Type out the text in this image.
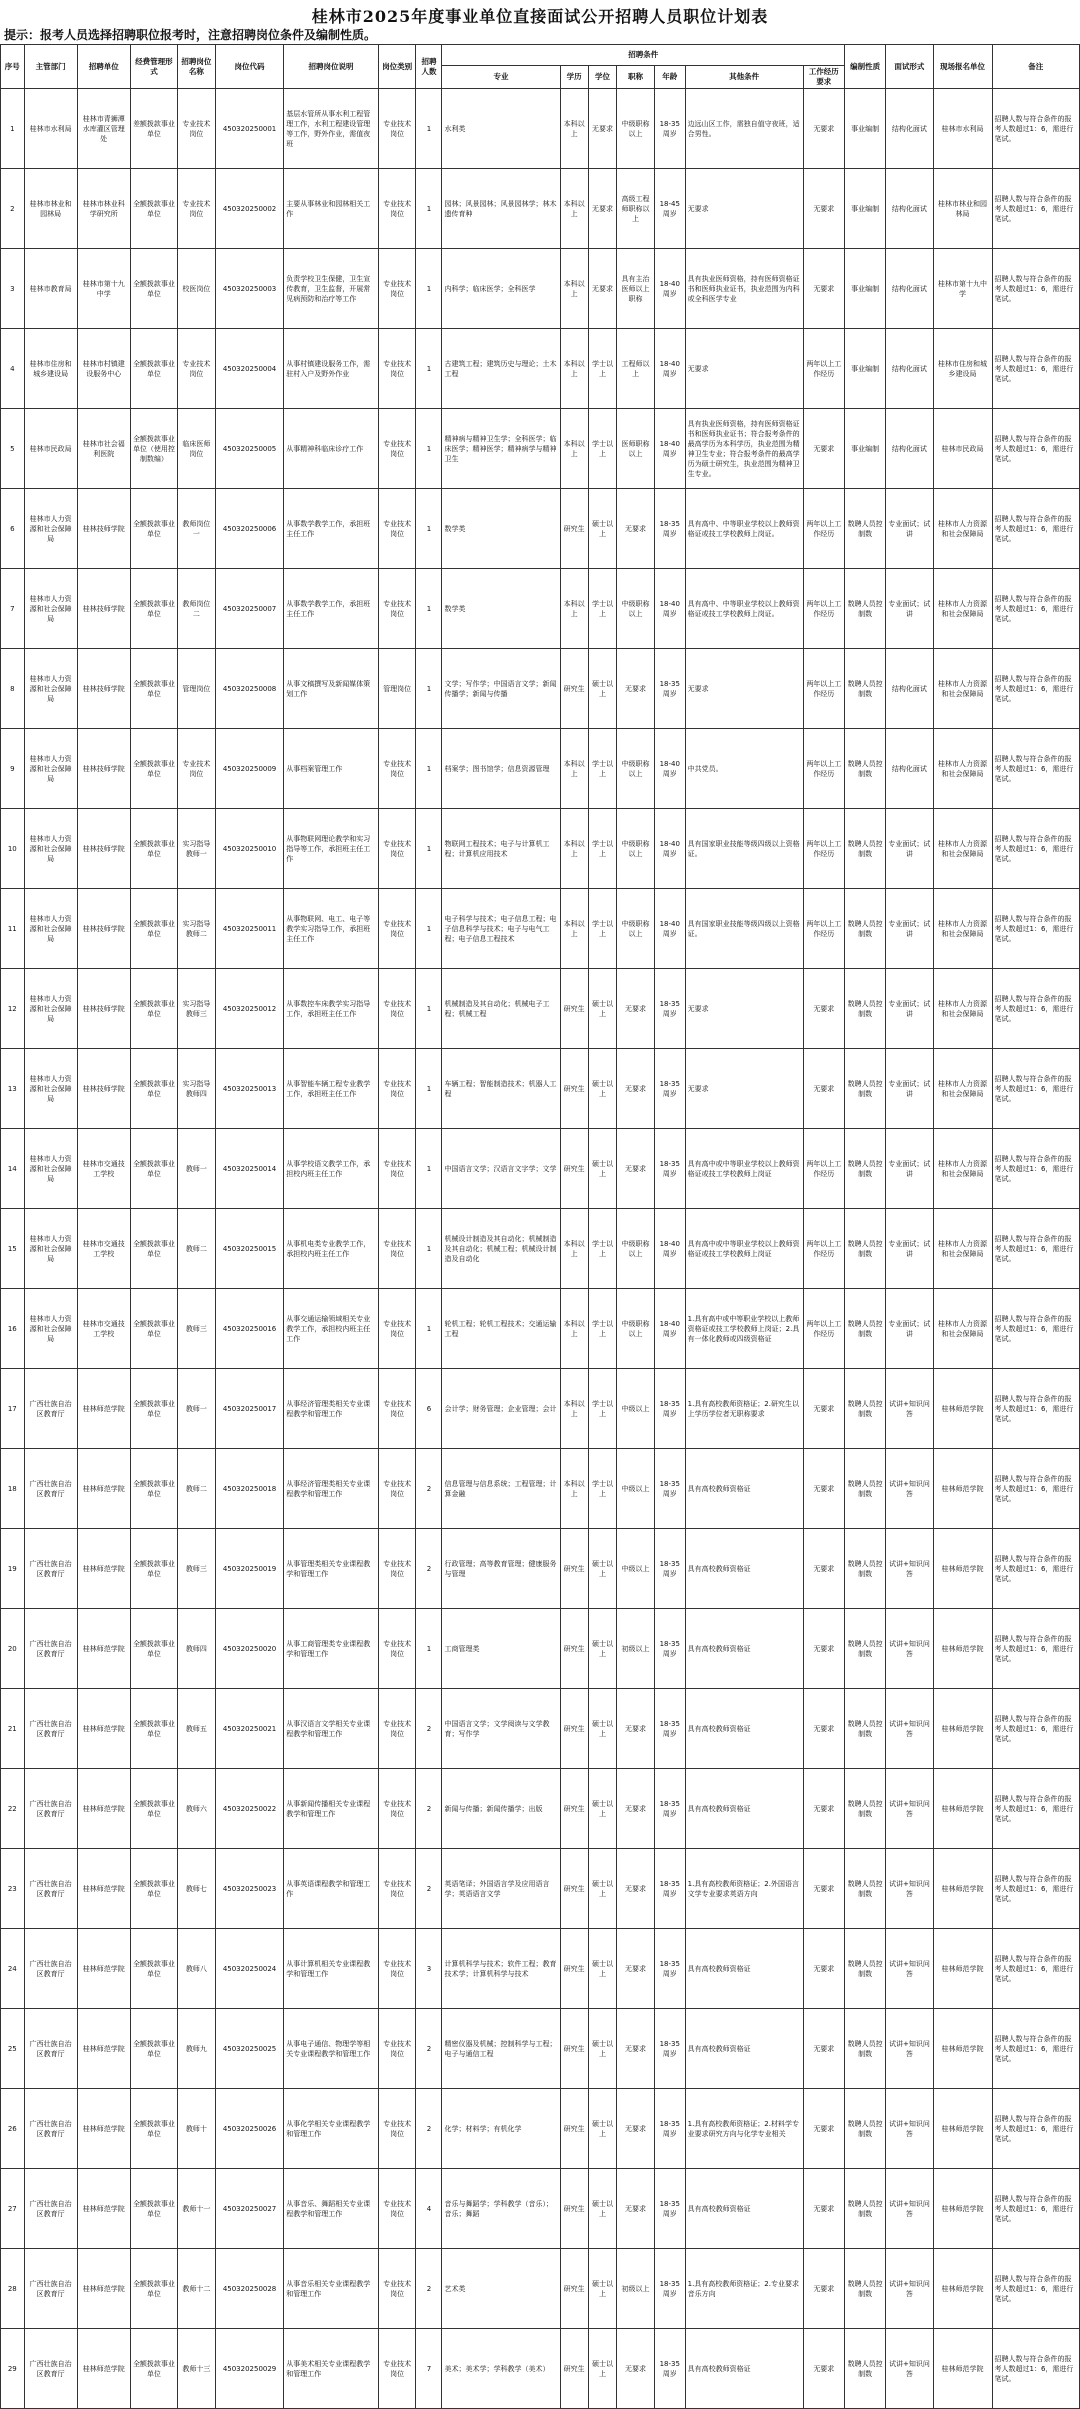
桂林市2025年度事业单位直接面试公开招聘人员职位计划表
提示：报考人员选择招聘职位报考时，注意招聘岗位条件及编制性质。
序号	主管部门	招聘单位	经费管理形式	招聘岗位名称	岗位代码	招聘岗位说明	岗位类别	招聘人数	招聘条件							编制性质	面试形式	现场报名单位	备注
									专业	学历	学位	职称	年龄	其他条件	工作经历要求				
1	桂林市水利局	桂林市青狮潭水库灌区管理处	差额拨款事业单位	专业技术岗位	450320250001	基层水管所从事水利工程管理工作，水利工程建设管理等工作，野外作业，需值夜班	专业技术岗位	1	水利类	本科以上	无要求	中级职称以上	18-35周岁	边远山区工作，需独自值守夜班，适合男性。	无要求	事业编制	结构化面试	桂林市水利局	招聘人数与符合条件的报考人数超过1：6，需进行笔试。
2	桂林市林业和园林局	桂林市林业科学研究所	全额拨款事业单位	专业技术岗位	450320250002	主要从事林业和园林相关工作	专业技术岗位	1	园林；风景园林；风景园林学；林木遗传育种	本科以上	无要求	高级工程师职称以上	18-45周岁	无要求	无要求	事业编制	结构化面试	桂林市林业和园林局	招聘人数与符合条件的报考人数超过1：6，需进行笔试。
3	桂林市教育局	桂林市第十九中学	全额拨款事业单位	校医岗位	450320250003	负责学校卫生保健，卫生宣传教育，卫生监督，开展常见病预防和治疗等工作	专业技术岗位	1	内科学；临床医学；全科医学	本科以上	无要求	具有主治医师以上职称	18-40周岁	具有执业医师资格，持有医师资格证书和医师执业证书，执业范围为内科或全科医学专业	无要求	事业编制	结构化面试	桂林市第十九中学	招聘人数与符合条件的报考人数超过1：6，需进行笔试。
4	桂林市住房和城乡建设局	桂林市村镇建设服务中心	全额拨款事业单位	专业技术岗位	450320250004	从事村镇建设服务工作，需驻村入户及野外作业	专业技术岗位	1	古建筑工程；建筑历史与理论；土木工程	本科以上	学士以上	工程师以上	18-40周岁	无要求	两年以上工作经历	事业编制	结构化面试	桂林市住房和城乡建设局	招聘人数与符合条件的报考人数超过1：6，需进行笔试。
5	桂林市民政局	桂林市社会福利医院	全额拨款事业单位（使用控制数编）	临床医师岗位	450320250005	从事精神科临床诊疗工作	专业技术岗位	1	精神病与精神卫生学；全科医学；临床医学；精神医学；精神病学与精神卫生	本科以上	学士以上	医师职称以上	18-40周岁	具有执业医师资格，持有医师资格证书和医师执业证书；符合报考条件的最高学历为本科学历，执业范围为精神卫生专业；符合报考条件的最高学历为硕士研究生，执业范围为精神卫生专业。	无要求	事业编制	结构化面试	桂林市民政局	招聘人数与符合条件的报考人数超过1：6，需进行笔试。
6	桂林市人力资源和社会保障局	桂林技师学院	全额拨款事业单位	教师岗位一	450320250006	从事数学教学工作，承担班主任工作	专业技术岗位	1	数学类	研究生	硕士以上	无要求	18-35周岁	具有高中、中等职业学校以上教师资格证或技工学校教师上岗证。	两年以上工作经历	数聘人员控制数	专业面试；试讲	桂林市人力资源和社会保障局	招聘人数与符合条件的报考人数超过1：6，需进行笔试。
7	桂林市人力资源和社会保障局	桂林技师学院	全额拨款事业单位	教师岗位二	450320250007	从事数学教学工作，承担班主任工作	专业技术岗位	1	数学类	本科以上	学士以上	中级职称以上	18-40周岁	具有高中、中等职业学校以上教师资格证或技工学校教师上岗证。	两年以上工作经历	数聘人员控制数	专业面试；试讲	桂林市人力资源和社会保障局	招聘人数与符合条件的报考人数超过1：6，需进行笔试。
8	桂林市人力资源和社会保障局	桂林技师学院	全额拨款事业单位	管理岗位	450320250008	从事文稿撰写及新闻媒体策划工作	管理岗位	1	文学；写作学；中国语言文学；新闻传播学；新闻与传播	研究生	硕士以上	无要求	18-35周岁	无要求	两年以上工作经历	数聘人员控制数	结构化面试	桂林市人力资源和社会保障局	招聘人数与符合条件的报考人数超过1：6，需进行笔试。
9	桂林市人力资源和社会保障局	桂林技师学院	全额拨款事业单位	专业技术岗位	450320250009	从事档案管理工作	专业技术岗位	1	档案学；图书馆学；信息资源管理	本科以上	学士以上	中级职称以上	18-40周岁	中共党员。	两年以上工作经历	数聘人员控制数	结构化面试	桂林市人力资源和社会保障局	招聘人数与符合条件的报考人数超过1：6，需进行笔试。
10	桂林市人力资源和社会保障局	桂林技师学院	全额拨款事业单位	实习指导教师一	450320250010	从事物联网理论教学和实习指导等工作，承担班主任工作	专业技术岗位	1	物联网工程技术；电子与计算机工程；计算机应用技术	本科以上	学士以上	中级职称以上	18-40周岁	具有国家职业技能等级四级以上资格证。	两年以上工作经历	数聘人员控制数	专业面试；试讲	桂林市人力资源和社会保障局	招聘人数与符合条件的报考人数超过1：6，需进行笔试。
11	桂林市人力资源和社会保障局	桂林技师学院	全额拨款事业单位	实习指导教师二	450320250011	从事物联网、电工、电子等教学实习指导工作，承担班主任工作	专业技术岗位	1	电子科学与技术；电子信息工程；电子信息科学与技术；电子与电气工程；电子信息工程技术	本科以上	学士以上	中级职称以上	18-40周岁	具有国家职业技能等级四级以上资格证。	两年以上工作经历	数聘人员控制数	专业面试；试讲	桂林市人力资源和社会保障局	招聘人数与符合条件的报考人数超过1：6，需进行笔试。
12	桂林市人力资源和社会保障局	桂林技师学院	全额拨款事业单位	实习指导教师三	450320250012	从事数控车床教学实习指导工作，承担班主任工作	专业技术岗位	1	机械制造及其自动化；机械电子工程；机械工程	研究生	硕士以上	无要求	18-35周岁	无要求	无要求	数聘人员控制数	专业面试；试讲	桂林市人力资源和社会保障局	招聘人数与符合条件的报考人数超过1：6，需进行笔试。
13	桂林市人力资源和社会保障局	桂林技师学院	全额拨款事业单位	实习指导教师四	450320250013	从事智能车辆工程专业教学工作，承担班主任工作	专业技术岗位	1	车辆工程；智能制造技术；机器人工程	研究生	硕士以上	无要求	18-35周岁	无要求	无要求	数聘人员控制数	专业面试；试讲	桂林市人力资源和社会保障局	招聘人数与符合条件的报考人数超过1：6，需进行笔试。
14	桂林市人力资源和社会保障局	桂林市交通技工学校	全额拨款事业单位	教师一	450320250014	从事学校语文教学工作，承担校内班主任工作	专业技术岗位	1	中国语言文学；汉语言文字学；文学	研究生	硕士以上	无要求	18-35周岁	具有高中或中等职业学校以上教师资格证或技工学校教师上岗证	两年以上工作经历	数聘人员控制数	专业面试；试讲	桂林市人力资源和社会保障局	招聘人数与符合条件的报考人数超过1：6，需进行笔试。
15	桂林市人力资源和社会保障局	桂林市交通技工学校	全额拨款事业单位	教师二	450320250015	从事机电类专业教学工作，承担校内班主任工作	专业技术岗位	1	机械设计制造及其自动化；机械制造及其自动化；机械工程；机械设计制造及自动化	本科以上	学士以上	中级职称以上	18-40周岁	具有高中或中等职业学校以上教师资格证或技工学校教师上岗证	两年以上工作经历	数聘人员控制数	专业面试；试讲	桂林市人力资源和社会保障局	招聘人数与符合条件的报考人数超过1：6，需进行笔试。
16	桂林市人力资源和社会保障局	桂林市交通技工学校	全额拨款事业单位	教师三	450320250016	从事交通运输领域相关专业教学工作，承担校内班主任工作	专业技术岗位	1	轮机工程；轮机工程技术；交通运输工程	本科以上	学士以上	中级职称以上	18-40周岁	1.具有高中或中等职业学校以上教师资格证或技工学校教师上岗证；2.具有一体化教师或四级资格证	两年以上工作经历	数聘人员控制数	专业面试；试讲	桂林市人力资源和社会保障局	招聘人数与符合条件的报考人数超过1：6，需进行笔试。
17	广西壮族自治区教育厅	桂林师范学院	全额拨款事业单位	教师一	450320250017	从事经济管理类相关专业课程教学和管理工作	专业技术岗位	6	会计学；财务管理；企业管理；会计	本科以上	学士以上	中级以上	18-35周岁	1.具有高校教师资格证；2.研究生以上学历学位者无职称要求	无要求	数聘人员控制数	试讲+知识问答	桂林师范学院	招聘人数与符合条件的报考人数超过1：6，需进行笔试。
18	广西壮族自治区教育厅	桂林师范学院	全额拨款事业单位	教师二	450320250018	从事经济管理类相关专业课程教学和管理工作	专业技术岗位	2	信息管理与信息系统；工程管理；计算金融	本科以上	学士以上	中级以上	18-35周岁	具有高校教师资格证	无要求	数聘人员控制数	试讲+知识问答	桂林师范学院	招聘人数与符合条件的报考人数超过1：6，需进行笔试。
19	广西壮族自治区教育厅	桂林师范学院	全额拨款事业单位	教师三	450320250019	从事管理类相关专业课程教学和管理工作	专业技术岗位	2	行政管理；高等教育管理；健康服务与管理	研究生	硕士以上	中级以上	18-35周岁	具有高校教师资格证	无要求	数聘人员控制数	试讲+知识问答	桂林师范学院	招聘人数与符合条件的报考人数超过1：6，需进行笔试。
20	广西壮族自治区教育厅	桂林师范学院	全额拨款事业单位	教师四	450320250020	从事工商管理类专业课程教学和管理工作	专业技术岗位	1	工商管理类	研究生	硕士以上	初级以上	18-35周岁	具有高校教师资格证	无要求	数聘人员控制数	试讲+知识问答	桂林师范学院	招聘人数与符合条件的报考人数超过1：6，需进行笔试。
21	广西壮族自治区教育厅	桂林师范学院	全额拨款事业单位	教师五	450320250021	从事汉语言文学相关专业课程教学和管理工作	专业技术岗位	2	中国语言文学；文学阅读与文学教育；写作学	研究生	硕士以上	无要求	18-35周岁	具有高校教师资格证	无要求	数聘人员控制数	试讲+知识问答	桂林师范学院	招聘人数与符合条件的报考人数超过1：6，需进行笔试。
22	广西壮族自治区教育厅	桂林师范学院	全额拨款事业单位	教师六	450320250022	从事新闻传播相关专业课程教学和管理工作	专业技术岗位	2	新闻与传播；新闻传播学；出版	研究生	硕士以上	无要求	18-35周岁	具有高校教师资格证	无要求	数聘人员控制数	试讲+知识问答	桂林师范学院	招聘人数与符合条件的报考人数超过1：6，需进行笔试。
23	广西壮族自治区教育厅	桂林师范学院	全额拨款事业单位	教师七	450320250023	从事英语课程教学和管理工作	专业技术岗位	2	英语笔译；外国语言学及应用语言学；英语语言文学	研究生	硕士以上	无要求	18-35周岁	1.具有高校教师资格证；2.外国语言文学专业要求英语方向	无要求	数聘人员控制数	试讲+知识问答	桂林师范学院	招聘人数与符合条件的报考人数超过1：6，需进行笔试。
24	广西壮族自治区教育厅	桂林师范学院	全额拨款事业单位	教师八	450320250024	从事计算机相关专业课程教学和管理工作	专业技术岗位	3	计算机科学与技术；软件工程；教育技术学；计算机科学与技术	研究生	硕士以上	无要求	18-35周岁	具有高校教师资格证	无要求	数聘人员控制数	试讲+知识问答	桂林师范学院	招聘人数与符合条件的报考人数超过1：6，需进行笔试。
25	广西壮族自治区教育厅	桂林师范学院	全额拨款事业单位	教师九	450320250025	从事电子通信、物理学等相关专业课程教学和管理工作	专业技术岗位	2	精密仪器及机械；控制科学与工程；电子与通信工程	研究生	硕士以上	无要求	18-35周岁	具有高校教师资格证	无要求	数聘人员控制数	试讲+知识问答	桂林师范学院	招聘人数与符合条件的报考人数超过1：6，需进行笔试。
26	广西壮族自治区教育厅	桂林师范学院	全额拨款事业单位	教师十	450320250026	从事化学相关专业课程教学和管理工作	专业技术岗位	2	化学；材料学；有机化学	研究生	硕士以上	无要求	18-35周岁	1.具有高校教师资格证；2.材料学专业要求研究方向与化学专业相关	无要求	数聘人员控制数	试讲+知识问答	桂林师范学院	招聘人数与符合条件的报考人数超过1：6，需进行笔试。
27	广西壮族自治区教育厅	桂林师范学院	全额拨款事业单位	教师十一	450320250027	从事音乐、舞蹈相关专业课程教学和管理工作	专业技术岗位	4	音乐与舞蹈学；学科教学（音乐）；音乐；舞蹈	研究生	硕士以上	无要求	18-35周岁	具有高校教师资格证	无要求	数聘人员控制数	试讲+知识问答	桂林师范学院	招聘人数与符合条件的报考人数超过1：6，需进行笔试。
28	广西壮族自治区教育厅	桂林师范学院	全额拨款事业单位	教师十二	450320250028	从事音乐相关专业课程教学和管理工作	专业技术岗位	2	艺术类	研究生	硕士以上	初级以上	18-35周岁	1.具有高校教师资格证；2.专业要求音乐方向	无要求	数聘人员控制数	试讲+知识问答	桂林师范学院	招聘人数与符合条件的报考人数超过1：6，需进行笔试。
29	广西壮族自治区教育厅	桂林师范学院	全额拨款事业单位	教师十三	450320250029	从事美术相关专业课程教学和管理工作	专业技术岗位	7	美术；美术学；学科教学（美术）	研究生	硕士以上	无要求	18-35周岁	具有高校教师资格证	无要求	数聘人员控制数	试讲+知识问答	桂林师范学院	招聘人数与符合条件的报考人数超过1：6，需进行笔试。
